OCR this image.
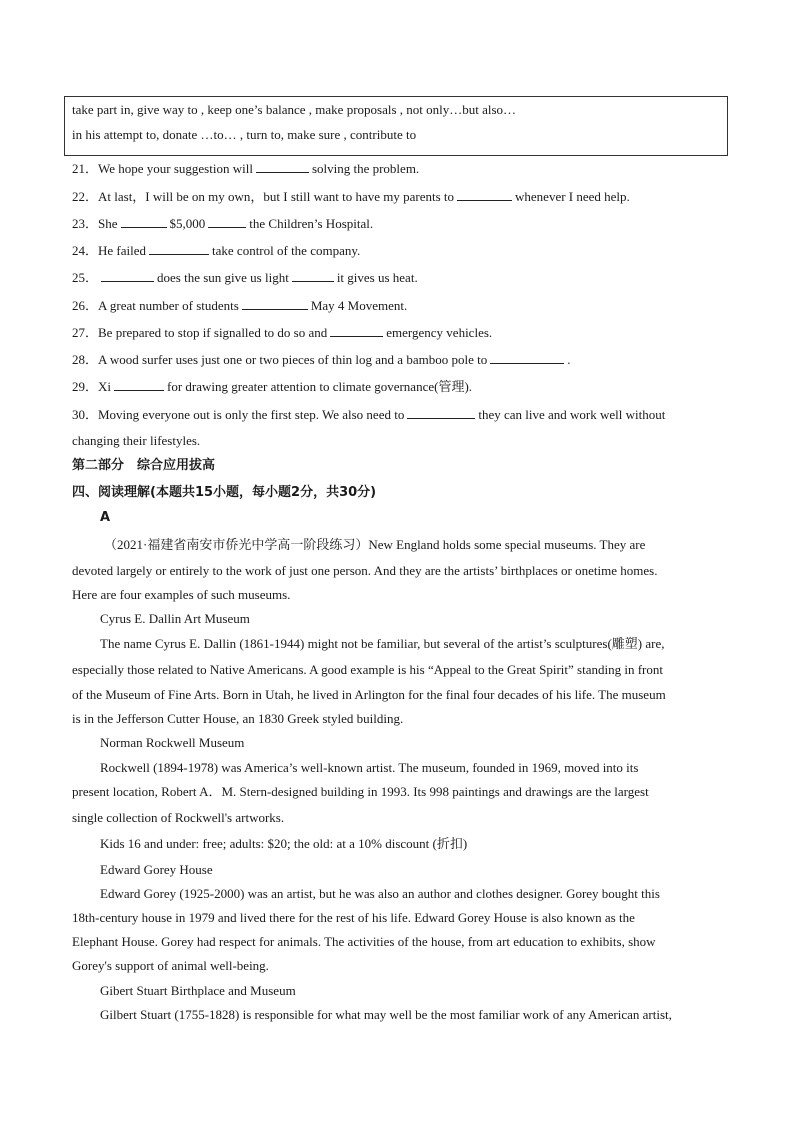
take part in, give way to , keep one’s balance , make proposals , not only…but also…
in his attempt to, donate …to… , turn to, make sure , contribute to
21．We hope your suggestion will	solving the problem.
22．At last，I will be on my own，but I still want to have my parents to	whenever I need help.
23．She	$5,000	the Children’s Hospital.
24．He failed	take control of the company.
25．	does the sun give us light	it gives us heat.
26．A great number of students	May 4 Movement.
27．Be prepared to stop if signalled to do so and	emergency vehicles.
28．A wood surfer uses just one or two pieces of thin log and a bamboo pole to	.
29．Xi	for drawing greater attention to climate governance(管理).
30．Moving everyone out is only the first step. We also need to	they can live and work well without
changing their lifestyles.
第二部分　综合应用拔高
四、阅读理解(本题共15小题，每小题2分，共30分)
A
（2021·福建省南安市侨光中学高一阶段练习）New England holds some special museums. They are
devoted largely or entirely to the work of just one person. And they are the artists’ birthplaces or onetime homes.
Here are four examples of such museums.
Cyrus E. Dallin Art Museum
The name Cyrus E. Dallin (1861-1944) might not be familiar, but several of the artist’s sculptures(雕塑) are,
especially those related to Native Americans. A good example is his “Appeal to the Great Spirit” standing in front
of the Museum of Fine Arts. Born in Utah, he lived in Arlington for the final four decades of his life. The museum
is in the Jefferson Cutter House, an 1830 Greek styled building.
Norman Rockwell Museum
Rockwell (1894-1978) was America’s well-known artist. The museum, founded in 1969, moved into its
present location, Robert A．M. Stern-designed building in 1993. Its 998 paintings and drawings are the largest
single collection of Rockwell's artworks.
Kids 16 and under: free; adults: $20; the old: at a 10% discount (折扣)
Edward Gorey House
Edward Gorey (1925-2000) was an artist, but he was also an author and clothes designer. Gorey bought this
18th-century house in 1979 and lived there for the rest of his life. Edward Gorey House is also known as the
Elephant House. Gorey had respect for animals. The activities of the house, from art education to exhibits, show
Gorey's support of animal well-being.
Gibert Stuart Birthplace and Museum
Gilbert Stuart (1755-1828) is responsible for what may well be the most familiar work of any American artist,
